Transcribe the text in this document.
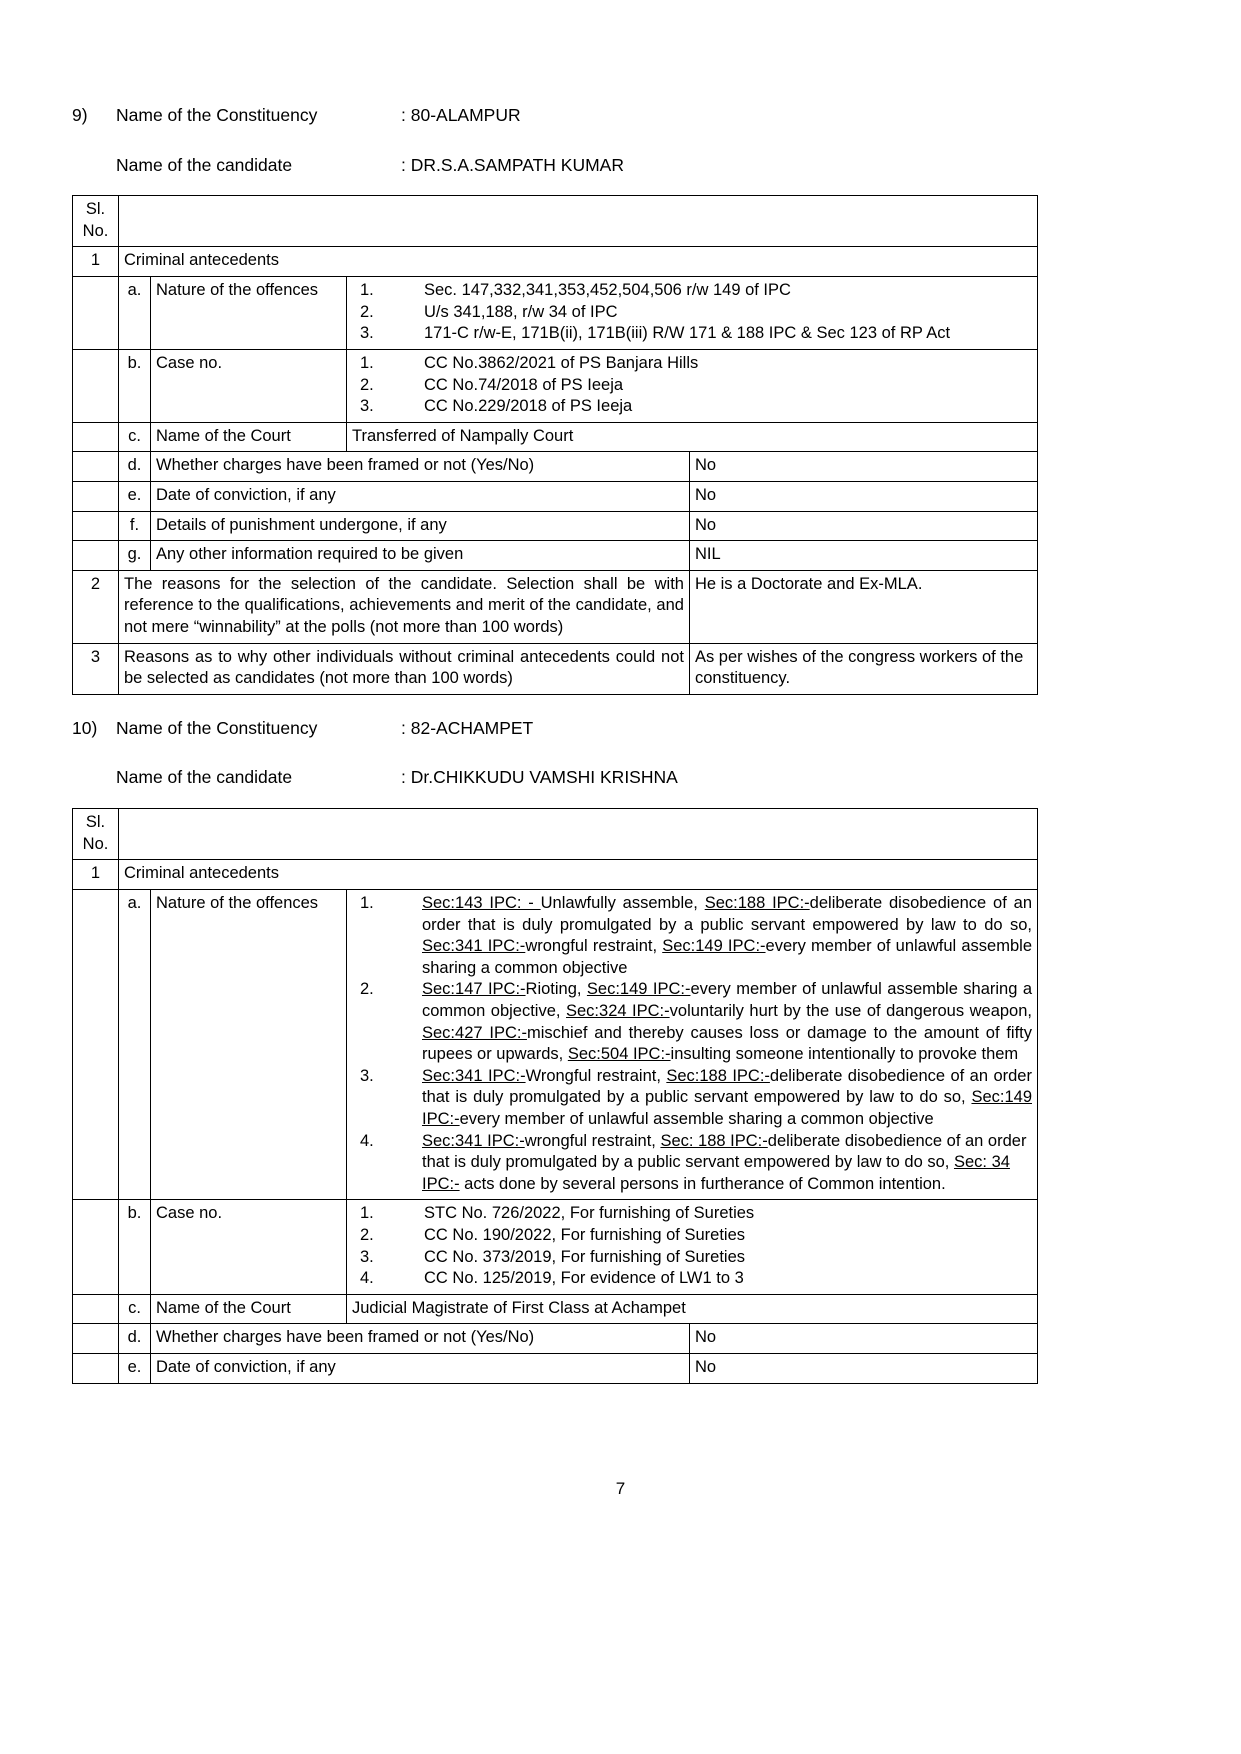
9)	Name of the Constituency	: 80-ALAMPUR
Name of the candidate	: DR.S.A.SAMPATH KUMAR
Sl.
No.				

1	Criminal antecedents			
	a.	Nature of the offences	1.	Sec. 147,332,341,353,452,504,506 r/w 149 of IPC
2.	U/s 341,188, r/w 34 of IPC
3.	171-C r/w-E, 171B(ii), 171B(iii) R/W 171 & 188 IPC & Sec 123 of RP Act

	b.	Case no.	1.	CC No.3862/2021 of PS Banjara Hills
2.	CC No.74/2018 of PS Ieeja
3.	CC No.229/2018 of PS Ieeja

	c.	Name of the Court	Transferred of Nampally Court	
	d.	Whether charges have been framed or not (Yes/No)		No
	e.	Date of conviction, if any		No
	f.	Details of punishment undergone, if any		No
	g.	Any other information required to be given		NIL
2	The reasons for the selection of the candidate. Selection shall be with reference to the qualifications, achievements and merit of the candidate, and not mere “winnability” at the polls (not more than 100 words)			He is a Doctorate and Ex-MLA.
3	Reasons as to why other individuals without criminal antecedents could not be selected as candidates (not more than 100 words)			As per wishes of the congress workers of the constituency.
10)	Name of the Constituency	: 82-ACHAMPET
Name of the candidate	: Dr.CHIKKUDU VAMSHI KRISHNA
Sl.
No.				

1	Criminal antecedents			
	a.	Nature of the offences	1.	Sec:143 IPC: - Unlawfully assemble, Sec:188 IPC:-deliberate disobedience of an order that is duly promulgated by a public servant empowered by law to do so, Sec:341 IPC:-wrongful restraint, Sec:149 IPC:-every member of unlawful assemble sharing a common objective
2.	Sec:147 IPC:-Rioting, Sec:149 IPC:-every member of unlawful assemble sharing a common objective, Sec:324 IPC:-voluntarily hurt by the use of dangerous weapon, Sec:427 IPC:-mischief and thereby causes loss or damage to the amount of fifty rupees or upwards, Sec:504 IPC:-insulting someone intentionally to provoke them
3.	Sec:341 IPC:-Wrongful restraint, Sec:188 IPC:-deliberate disobedience of an order that is duly promulgated by a public servant empowered by law to do so, Sec:149 IPC:-every member of unlawful assemble sharing a common objective
4.	Sec:341 IPC:-wrongful restraint, Sec: 188 IPC:-deliberate disobedience of an order that is duly promulgated by a public servant empowered by law to do so, Sec: 34 IPC:- acts done by several persons in furtherance of Common intention.

	b.	Case no.	1.	STC No. 726/2022, For furnishing of Sureties
2.	CC No. 190/2022, For furnishing of Sureties
3.	CC No. 373/2019, For furnishing of Sureties
4.	CC No. 125/2019, For evidence of LW1 to 3

	c.	Name of the Court	Judicial Magistrate of First Class at Achampet	
	d.	Whether charges have been framed or not (Yes/No)		No
	e.	Date of conviction, if any		No
7
